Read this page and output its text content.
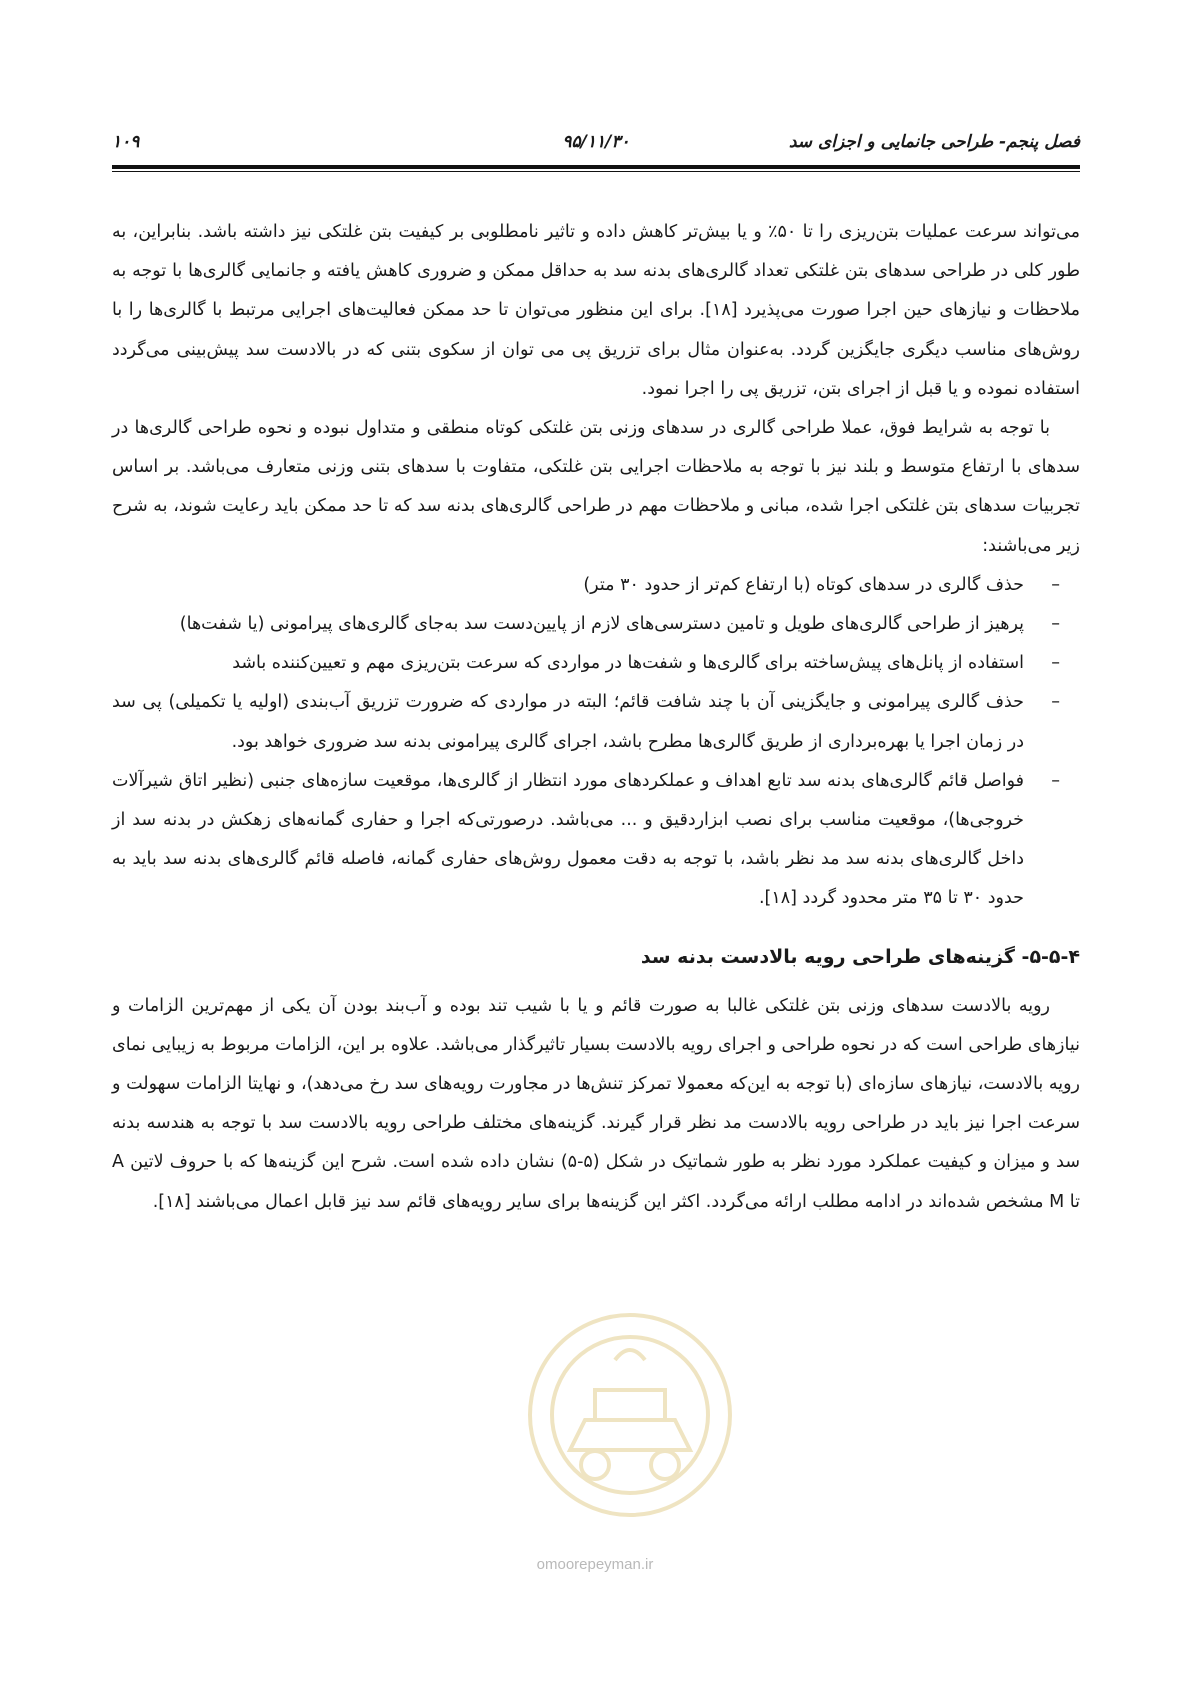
فصل پنجم- طراحی جانمایی و اجزای سد
۹۵/۱۱/۳۰
۱۰۹

می‌تواند سرعت عملیات بتن‌ریزی را تا ۵۰٪ و یا بیش‌تر کاهش داده و تاثیر نامطلوبی بر کیفیت بتن غلتکی نیز داشته باشد. بنابراین، به طور کلی در طراحی سدهای بتن غلتکی تعداد گالری‌های بدنه سد به حداقل ممکن و ضروری کاهش یافته و جانمایی گالری‌ها با توجه به ملاحظات و نیازهای حین اجرا صورت می‌پذیرد [۱۸]. برای این منظور می‌توان تا حد ممکن فعالیت‌های اجرایی مرتبط با گالری‌ها را با روش‌های مناسب دیگری جایگزین گردد. به‌عنوان مثال برای تزریق پی می توان از سکوی بتنی که در بالادست سد پیش‌بینی می‌گردد استفاده نموده و یا قبل از اجرای بتن، تزریق پی را اجرا نمود.

با توجه به شرایط فوق، عملا طراحی گالری در سدهای وزنی بتن غلتکی کوتاه منطقی و متداول نبوده و نحوه طراحی گالری‌ها در سدهای با ارتفاع متوسط و بلند نیز با توجه به ملاحظات اجرایی بتن غلتکی، متفاوت با سدهای بتنی وزنی متعارف می‌باشد. بر اساس تجربیات سدهای بتن غلتکی اجرا شده، مبانی و ملاحظات مهم در طراحی گالری‌های بدنه سد که تا حد ممکن باید رعایت شوند، به شرح زیر می‌باشند:

–
حذف گالری در سدهای کوتاه (با ارتفاع کم‌تر از حدود ۳۰ متر)
–
پرهیز از طراحی گالری‌های طویل و تامین دسترسی‌های لازم از پایین‌دست سد به‌جای گالری‌های پیرامونی (یا شفت‌ها)
–
استفاده از پانل‌های پیش‌ساخته برای گالری‌ها و شفت‌ها در مواردی که سرعت بتن‌ریزی مهم و تعیین‌کننده باشد
–
حذف گالری پیرامونی و جایگزینی آن با چند شافت قائم؛ البته در مواردی که ضرورت تزریق آب‌بندی (اولیه یا تکمیلی) پی سد در زمان اجرا یا بهره‌برداری از طریق گالری‌ها مطرح باشد، اجرای گالری پیرامونی بدنه سد ضروری خواهد بود.
–
فواصل قائم گالری‌های بدنه سد تابع اهداف و عملکردهای مورد انتظار از گالری‌ها، موقعیت سازه‌های جنبی (نظیر اتاق شیرآلات خروجی‌ها)، موقعیت مناسب برای نصب ابزاردقیق و ... می‌باشد. درصورتی‌که اجرا و حفاری گمانه‌های زهکش در بدنه سد از داخل گالری‌های بدنه سد مد نظر باشد، با توجه به دقت معمول روش‌های حفاری گمانه، فاصله قائم گالری‌های بدنه سد باید به حدود ۳۰ تا ۳۵ متر محدود گردد [۱۸].
۵-۵-۴- گزینه‌های طراحی رویه بالادست بدنه سد

رویه بالادست سدهای وزنی بتن غلتکی غالبا به صورت قائم و یا با شیب تند بوده و آب‌بند بودن آن یکی از مهم‌ترین الزامات و نیازهای طراحی است که در نحوه طراحی و اجرای رویه بالادست بسیار تاثیرگذار می‌باشد. علاوه بر این، الزامات مربوط به زیبایی نمای رویه بالادست، نیازهای سازه‌ای (با توجه به این‌که معمولا تمرکز تنش‌ها در مجاورت رویه‌های سد رخ می‌دهد)، و نهایتا الزامات سهولت و سرعت اجرا نیز باید در طراحی رویه بالادست مد نظر قرار گیرند. گزینه‌های مختلف طراحی رویه بالادست سد با توجه به هندسه بدنه سد و میزان و کیفیت عملکرد مورد نظر به طور شماتیک در شکل (۵-۵) نشان داده شده است. شرح این گزینه‌ها که با حروف لاتین A تا M مشخص شده‌اند در ادامه مطلب ارائه می‌گردد. اکثر این گزینه‌ها برای سایر رویه‌های قائم سد نیز قابل اعمال می‌باشند [۱۸].

omoorepeyman.ir
